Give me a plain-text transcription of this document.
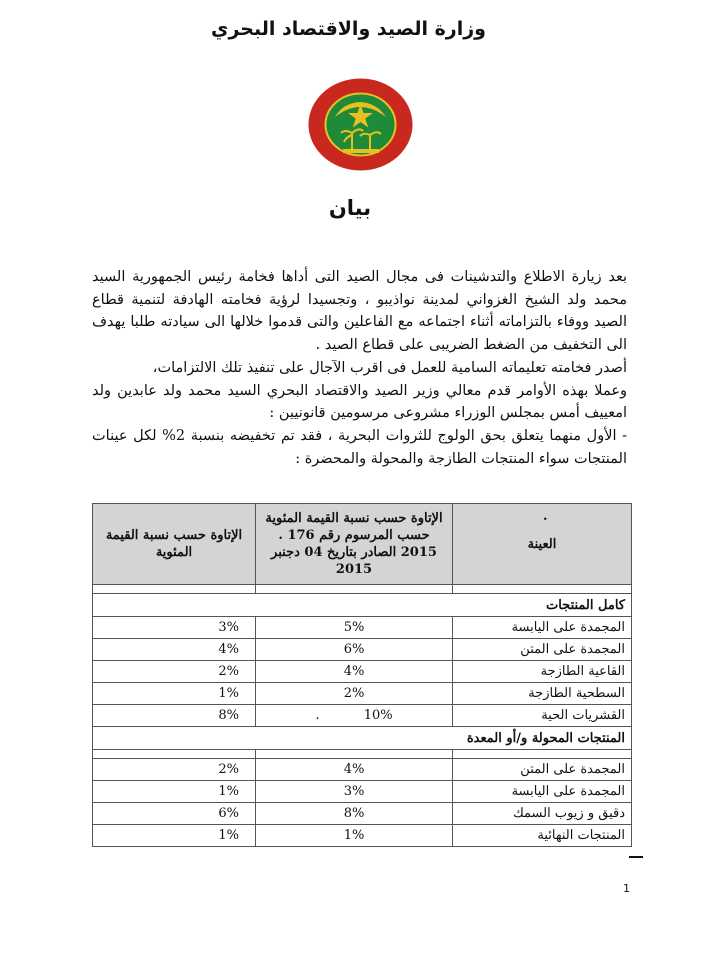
وزارة الصيد والاقتصاد البحري
بيان

بعد زيارة الاطلاع والتدشينات فى مجال الصيد التى أداها فخامة رئيس الجمهورية السيد محمد ولد الشيخ الغزواني لمدينة نواذيبو ، وتجسيدا لرؤية فخامته الهادفة لتنمية قطاع الصيد ووفاء بالتزاماته أثناء اجتماعه مع الفاعلين والتى قدموا خلالها الى سيادته طلبا يهدف الى التخفيف من الضغط الضريبى على قطاع الصيد .

أصدر فخامته تعليماته السامية للعمل فى اقرب الآجال على تنفيذ تلك الالتزامات،

وعملا بهذه الأوامر قدم معالي وزير الصيد والاقتصاد البحري السيد محمد ولد عابدين ولد امعييف أمس بمجلس الوزراء مشروعى مرسومين قانونيين :

- الأول منهما يتعلق بحق الولوج للثروات البحرية ، فقد تم تخفيضه بنسبة 2% لكل عينات المنتجات سواء المنتجات الطازجة والمحولة والمحضرة :

.
العينة	الإتاوة حسب نسبة القيمة المئوية حسب المرسوم رقم 176 . 2015 الصادر بتاريخ 04 دجنبر 2015	الإتاوة حسب نسبة القيمة المئوية

كامل المنتجات		
المجمدة على اليابسة	5%	3%
المجمدة على المتن	6%	4%
القاعية الطازجة	4%	2%
السطحية الطازجة	2%	1%
القشريات الحية	10% .	8%
المنتجات المحولة و/أو المعدة		

المجمدة على المتن	4%	2%
المجمدة على اليابسة	3%	1%
دقيق و زيوب السمك	8%	6%
المنتجات النهائية	1%	1%
1
